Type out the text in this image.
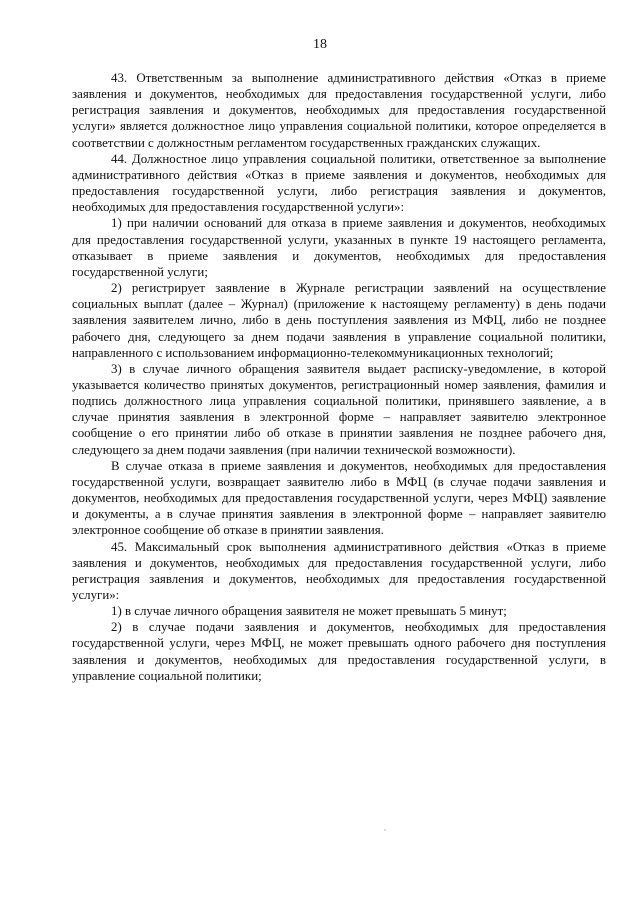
18

43. Ответственным за выполнение административного действия «Отказ в приеме заявления и документов, необходимых для предоставления государственной услуги, либо регистрация заявления и документов, необходимых для предоставления государственной услуги» является должностное лицо управления социальной политики, которое определяется в соответствии с должностным регламентом государственных гражданских служащих.

44. Должностное лицо управления социальной политики, ответственное за выполнение административного действия «Отказ в приеме заявления и документов, необходимых для предоставления государственной услуги, либо регистрация заявления и документов, необходимых для предоставления государственной услуги»:

1) при наличии оснований для отказа в приеме заявления и документов, необходимых для предоставления государственной услуги, указанных в пункте 19 настоящего регламента, отказывает в приеме заявления и документов, необходимых для предоставления государственной услуги;

2) регистрирует заявление в Журнале регистрации заявлений на осуществление социальных выплат (далее – Журнал) (приложение к настоящему регламенту) в день подачи заявления заявителем лично, либо в день поступления заявления из МФЦ, либо не позднее рабочего дня, следующего за днем подачи заявления в управление социальной политики, направленного с использованием информационно-телекоммуникационных технологий;

3) в случае личного обращения заявителя выдает расписку-уведомление, в которой указывается количество принятых документов, регистрационный номер заявления, фамилия и подпись должностного лица управления социальной политики, принявшего заявление, а в случае принятия заявления в электронной форме – направляет заявителю электронное сообщение о его принятии либо об отказе в принятии заявления не позднее рабочего дня, следующего за днем подачи заявления (при наличии технической возможности).

В случае отказа в приеме заявления и документов, необходимых для предоставления государственной услуги, возвращает заявителю либо в МФЦ (в случае подачи заявления и документов, необходимых для предоставления государственной услуги, через МФЦ) заявление и документы, а в случае принятия заявления в электронной форме – направляет заявителю электронное сообщение об отказе в принятии заявления.

45. Максимальный срок выполнения административного действия «Отказ в приеме заявления и документов, необходимых для предоставления государственной услуги, либо регистрация заявления и документов, необходимых для предоставления государственной услуги»:

1) в случае личного обращения заявителя не может превышать 5 минут;

2) в случае подачи заявления и документов, необходимых для предоставления государственной услуги, через МФЦ, не может превышать одного рабочего дня поступления заявления и документов, необходимых для предоставления государственной услуги, в управление социальной политики;
